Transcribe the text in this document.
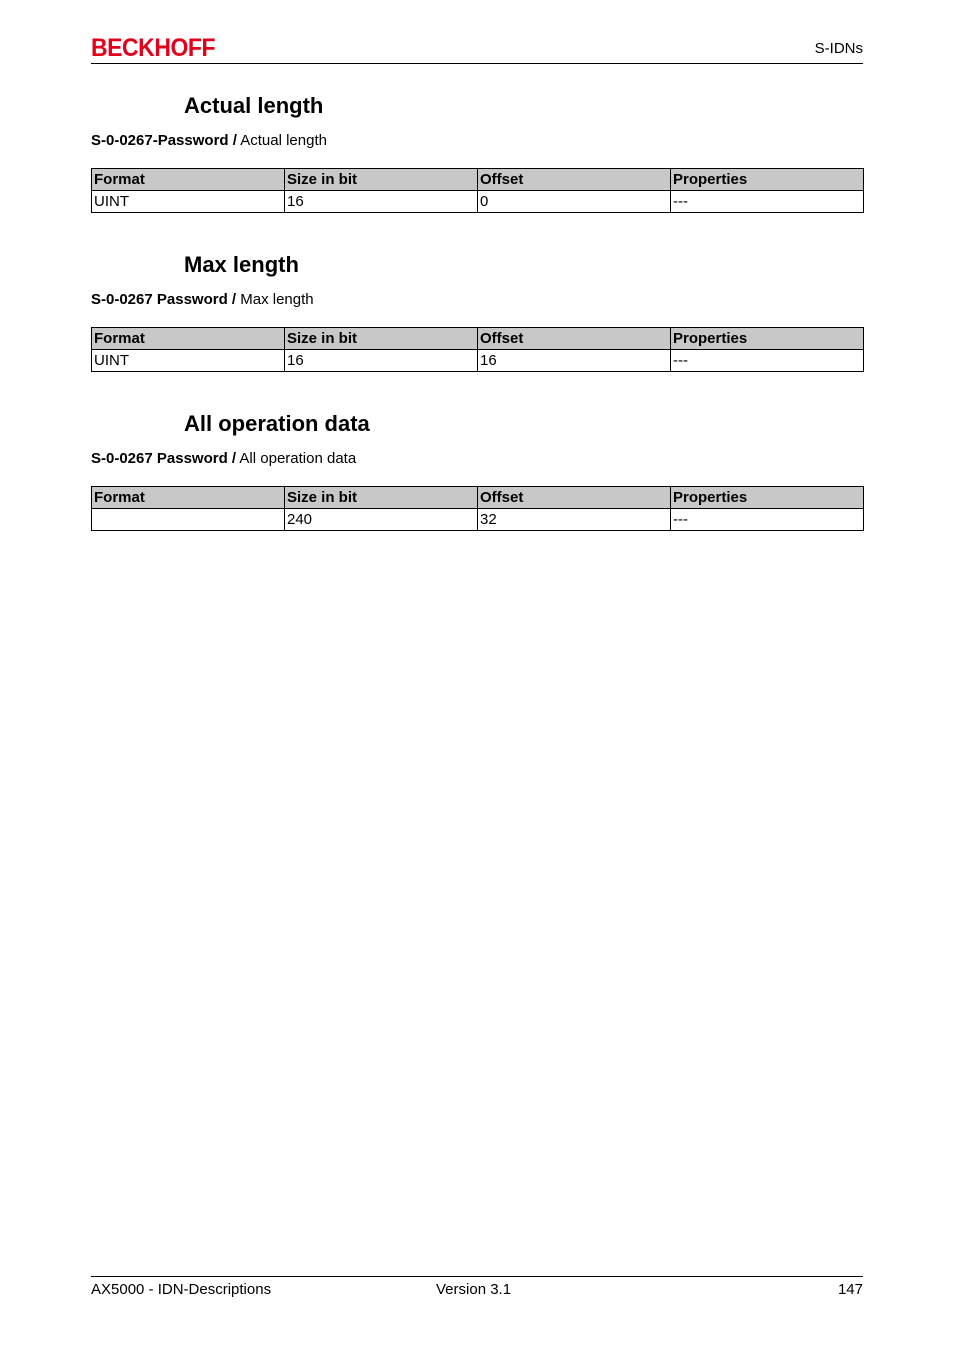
BECKHOFF	S-IDNs
Actual length
S-0-0267-Password / Actual length
Format	Size in bit	Offset	Properties
UINT	16	0	---
Max length
S-0-0267 Password / Max length
Format	Size in bit	Offset	Properties
UINT	16	16	---
All operation data
S-0-0267 Password / All operation data
Format	Size in bit	Offset	Properties
	240	32	---
AX5000 - IDN-Descriptions	Version 3.1	147
